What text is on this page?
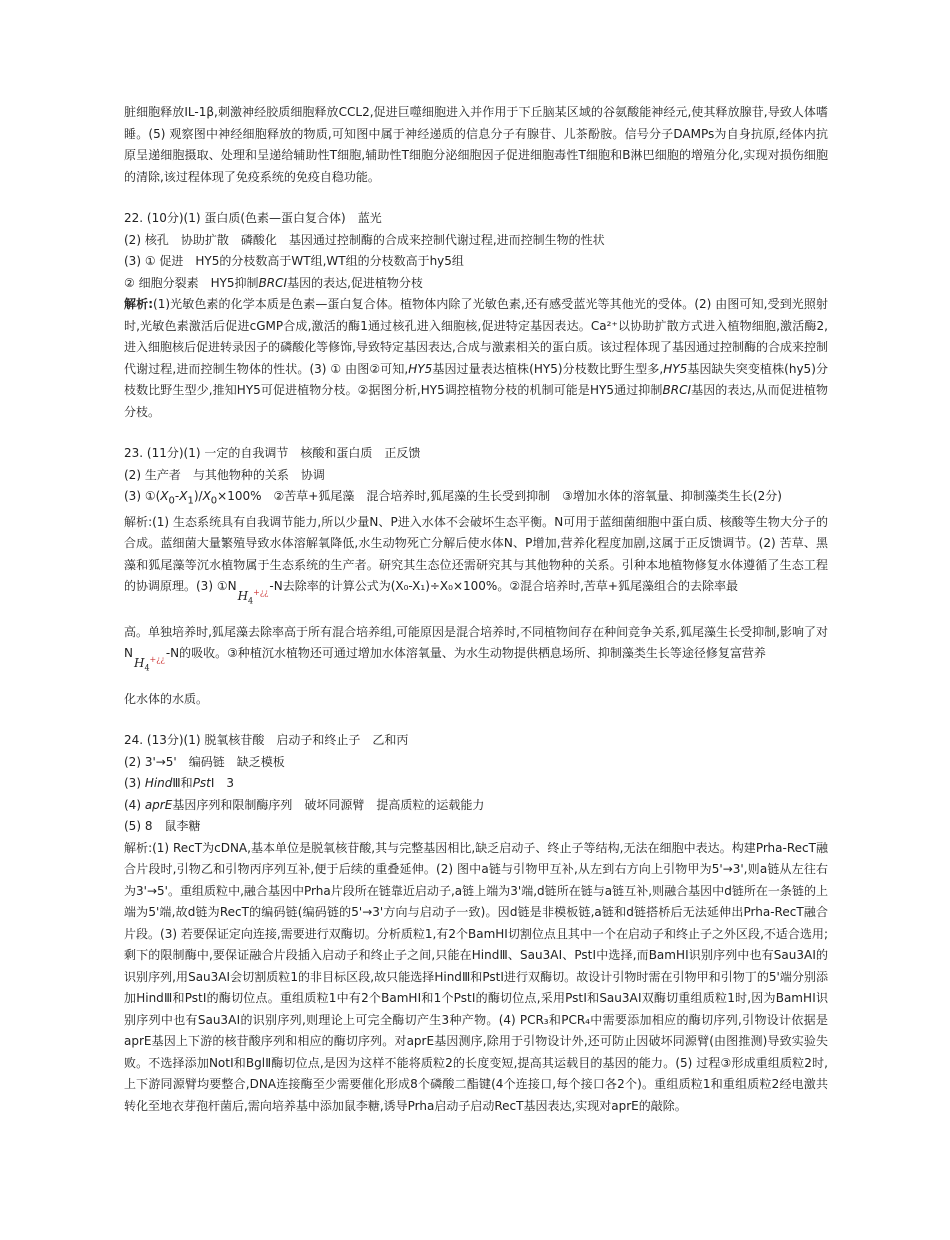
脏细胞释放IL-1β,刺激神经胶质细胞释放CCL2,促进巨噬细胞进入并作用于下丘脑某区域的谷氨酸能神经元,使其释放腺苷,导致人体嗜睡。(5) 观察图中神经细胞释放的物质,可知图中属于神经递质的信息分子有腺苷、儿茶酚胺。信号分子DAMPs为自身抗原,经体内抗原呈递细胞摄取、处理和呈递给辅助性T细胞,辅助性T细胞分泌细胞因子促进细胞毒性T细胞和B淋巴细胞的增殖分化,实现对损伤细胞的清除,该过程体现了免疫系统的免疫自稳功能。

22. (10分)(1) 蛋白质(色素—蛋白复合体)　蓝光

(2) 核孔　协助扩散　磷酸化　基因通过控制酶的合成来控制代谢过程,进而控制生物的性状

(3) ① 促进　HY5的分枝数高于WT组,WT组的分枝数高于hy5组

② 细胞分裂素　HY5抑制BRCI基因的表达,促进植物分枝

解析:(1)光敏色素的化学本质是色素—蛋白复合体。植物体内除了光敏色素,还有感受蓝光等其他光的受体。(2) 由图可知,受到光照射时,光敏色素激活后促进cGMP合成,激活的酶1通过核孔进入细胞核,促进特定基因表达。Ca²⁺以协助扩散方式进入植物细胞,激活酶2,进入细胞核后促进转录因子的磷酸化等修饰,导致特定基因表达,合成与激素相关的蛋白质。该过程体现了基因通过控制酶的合成来控制代谢过程,进而控制生物体的性状。(3) ① 由图②可知,HY5基因过量表达植株(HY5)分枝数比野生型多,HY5基因缺失突变植株(hy5)分枝数比野生型少,推知HY5可促进植物分枝。②据图分析,HY5调控植物分枝的机制可能是HY5通过抑制BRCI基因的表达,从而促进植物分枝。

23. (11分)(1) 一定的自我调节　核酸和蛋白质　正反馈

(2) 生产者　与其他物种的关系　协调

(3) $①(X_0-X_1)/X_0\times 100\%$　②苦草+狐尾藻　混合培养时,狐尾藻的生长受到抑制　③增加水体的溶氧量、抑制藻类生长(2分)

解析:(1) 生态系统具有自我调节能力,所以少量N、P进入水体不会破坏生态平衡。N可用于蓝细菌细胞中蛋白质、核酸等生物大分子的合成。蓝细菌大量繁殖导致水体溶解氧降低,水生动物死亡分解后使水体N、P增加,营养化程度加剧,这属于正反馈调节。(2) 苦草、黑藻和狐尾藻等沉水植物属于生态系统的生产者。研究其生态位还需研究其与其他物种的关系。引种本地植物修复水体遵循了生态工程的协调原理。(3) $①NH_4^{+¿¿}-N$去除率的计算公式为(X₀-X₁)÷X₀×100%。②混合培养时,苦草+狐尾藻组合的去除率最

高。单独培养时,狐尾藻去除率高于所有混合培养组,可能原因是混合培养时,不同植物间存在种间竞争关系,狐尾藻生长受抑制,影响了对$NH_4^{+¿¿}-N$的吸收。③种植沉水植物还可通过增加水体溶氧量、为水生动物提供栖息场所、抑制藻类生长等途径修复富营养

化水体的水质。

24. (13分)(1) 脱氧核苷酸　启动子和终止子　乙和丙

(2) 3'→5'　编码链　缺乏模板

(3) HindⅢ和PstⅠ　3

(4) aprE基因序列和限制酶序列　破坏同源臂　提高质粒的运载能力

(5) 8　鼠李糖

解析:(1) RecT为cDNA,基本单位是脱氧核苷酸,其与完整基因相比,缺乏启动子、终止子等结构,无法在细胞中表达。构建Prha-RecT融合片段时,引物乙和引物丙序列互补,便于后续的重叠延伸。(2) 图中a链与引物甲互补,从左到右方向上引物甲为5'→3',则a链从左往右为3'→5'。重组质粒中,融合基因中Prha片段所在链靠近启动子,a链上端为3'端,d链所在链与a链互补,则融合基因中d链所在一条链的上端为5'端,故d链为RecT的编码链(编码链的5'→3'方向与启动子一致)。因d链是非模板链,a链和d链搭桥后无法延伸出Prha-RecT融合片段。(3) 若要保证定向连接,需要进行双酶切。分析质粒1,有2个BamHⅠ切割位点且其中一个在启动子和终止子之外区段,不适合选用;剩下的限制酶中,要保证融合片段插入启动子和终止子之间,只能在HindⅢ、Sau3AⅠ、PstⅠ中选择,而BamHⅠ识别序列中也有Sau3AⅠ的识别序列,用Sau3AⅠ会切割质粒1的非目标区段,故只能选择HindⅢ和PstⅠ进行双酶切。故设计引物时需在引物甲和引物丁的5'端分别添加HindⅢ和PstⅠ的酶切位点。重组质粒1中有2个BamHⅠ和1个PstⅠ的酶切位点,采用PstⅠ和Sau3AⅠ双酶切重组质粒1时,因为BamHⅠ识别序列中也有Sau3AⅠ的识别序列,则理论上可完全酶切产生3种产物。(4) PCR₃和PCR₄中需要添加相应的酶切序列,引物设计依据是aprE基因上下游的核苷酸序列和相应的酶切序列。对aprE基因测序,除用于引物设计外,还可防止因破坏同源臂(由图推测)导致实验失败。不选择添加NotⅠ和BglⅡ酶切位点,是因为这样不能将质粒2的长度变短,提高其运载目的基因的能力。(5) 过程③形成重组质粒2时,上下游同源臂均要整合,DNA连接酶至少需要催化形成8个磷酸二酯键(4个连接口,每个接口各2个)。重组质粒1和重组质粒2经电激共转化至地衣芽孢杆菌后,需向培养基中添加鼠李糖,诱导Prha启动子启动RecT基因表达,实现对aprE的敲除。
